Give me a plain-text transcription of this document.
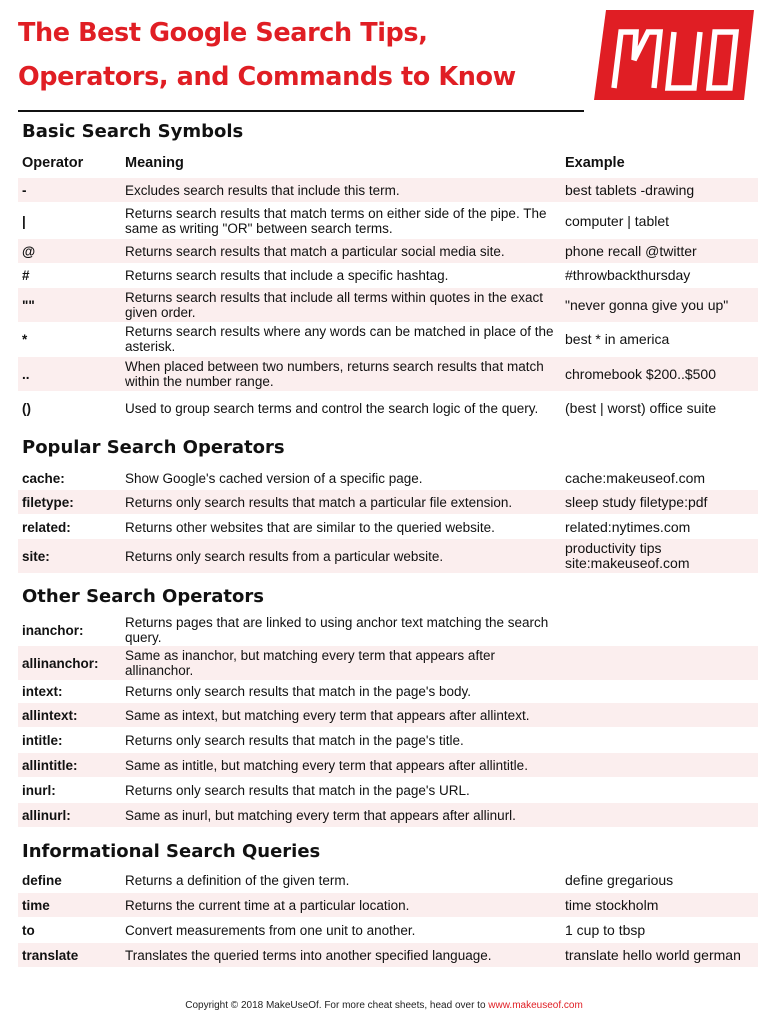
The Best Google Search Tips,
Operators, and Commands to Know
Basic Search Symbols
Operator	Meaning	Example
-	Excludes search results that include this term.	best tablets -drawing
|	Returns search results that match terms on either side of the pipe. The same as writing "OR" between search terms.	computer | tablet
@	Returns search results that match a particular social media site.	phone recall @twitter
#	Returns search results that include a specific hashtag.	#throwbackthursday
""	Returns search results that include all terms within quotes in the exact given order.	"never gonna give you up"
*	Returns search results where any words can be matched in place of the asterisk.	best * in america
..	When placed between two numbers, returns search results that match within the number range.	chromebook $200..$500
()	Used to group search terms and control the search logic of the query.	(best | worst) office suite
Popular Search Operators
cache:	Show Google's cached version of a specific page.	cache:makeuseof.com
filetype:	Returns only search results that match a particular file extension.	sleep study filetype:pdf
related:	Returns other websites that are similar to the queried website.	related:nytimes.com
site:	Returns only search results from a particular website.	productivity tips site:makeuseof.com
Other Search Operators
inanchor:	Returns pages that are linked to using anchor text matching the search query.
allinanchor:	Same as inanchor, but matching every term that appears after allinanchor.
intext:	Returns only search results that match in the page's body.
allintext:	Same as intext, but matching every term that appears after allintext.
intitle:	Returns only search results that match in the page's title.
allintitle:	Same as intitle, but matching every term that appears after allintitle.
inurl:	Returns only search results that match in the page's URL.
allinurl:	Same as inurl, but matching every term that appears after allinurl.
Informational Search Queries
define	Returns a definition of the given term.	define gregarious
time	Returns the current time at a particular location.	time stockholm
to	Convert measurements from one unit to another.	1 cup to tbsp
translate	Translates the queried terms into another specified language.	translate hello world german
Copyright © 2018 MakeUseOf. For more cheat sheets, head over to www.makeuseof.com
